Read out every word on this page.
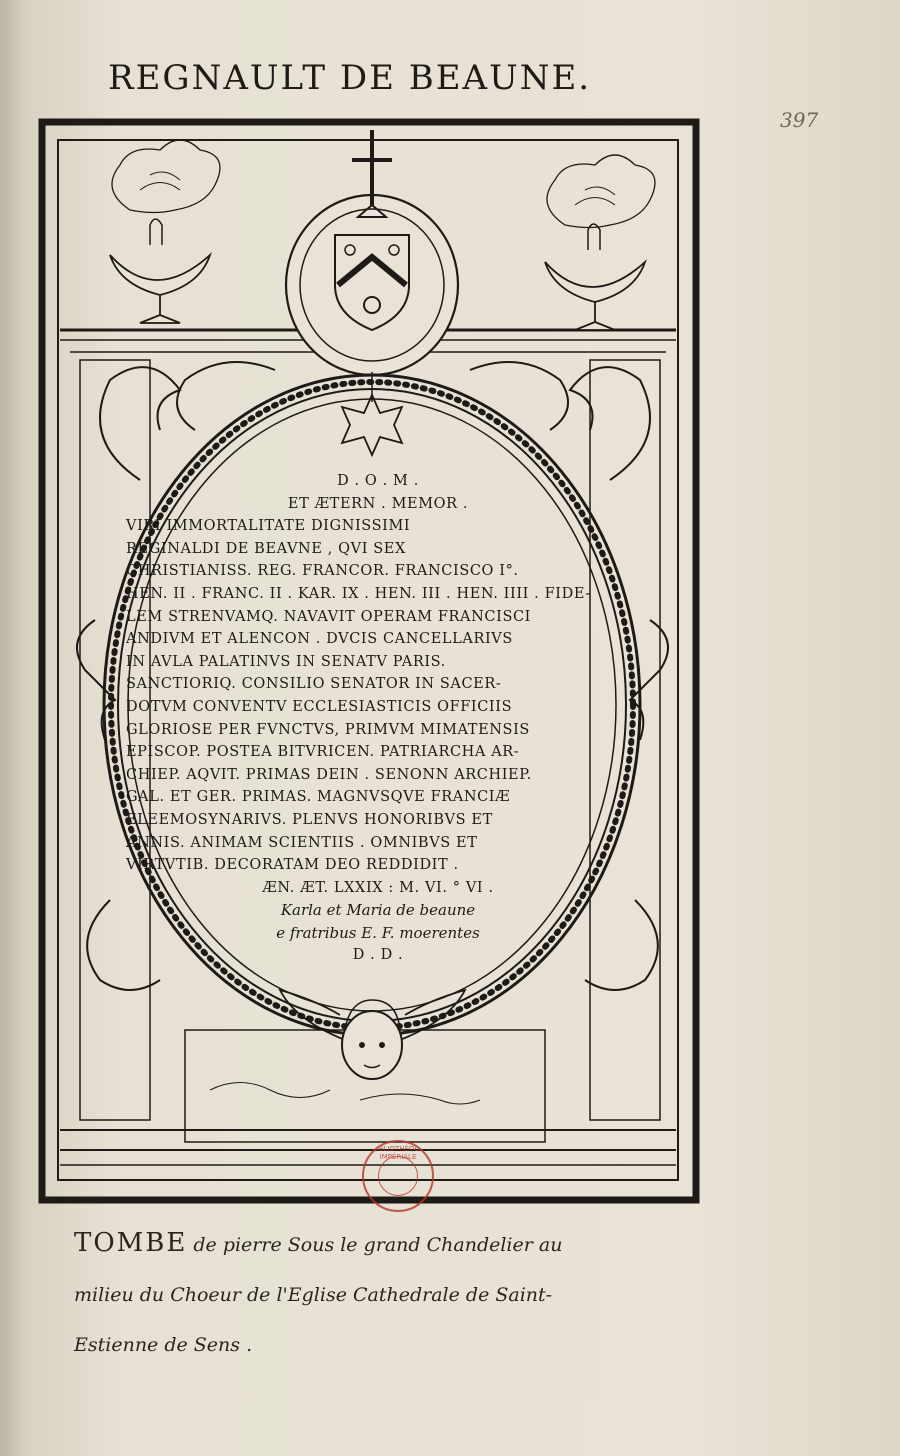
REGNAULT DE BEAUNE.
397
D . O . M .
ET ÆTERN . MEMOR .
VIRI IMMORTALITATE DIGNISSIMI
REGINALDI DE BEAVNE , QVI SEX
CHRISTIANISS. REG. FRANCOR. FRANCISCO I°.
HEN. II . FRANC. II . KAR. IX . HEN. III . HEN. IIII . FIDE-
LEM STRENVAMQ. NAVAVIT OPERAM FRANCISCI
ANDIVM ET ALENCON . DVCIS CANCELLARIVS
IN AVLA PALATINVS IN SENATV PARIS.
SANCTIORIQ. CONSILIO SENATOR IN SACER-
DOTVM CONVENTV ECCLESIASTICIS OFFICIIS
GLORIOSE PER FVNCTVS, PRIMVM MIMATENSIS
EPISCOP. POSTEA BITVRICEN. PATRIARCHA AR-
CHIEP. AQVIT. PRIMAS DEIN . SENONN ARCHIEP.
GAL. ET GER. PRIMAS. MAGNVSQVE FRANCIÆ
ELEEMOSYNARIVS. PLENVS HONORIBVS ET
ANNIS. ANIMAM SCIENTIIS . OMNIBVS ET
VIRTVTIB. DECORATAM DEO REDDIDIT .
ÆN. ÆT. LXXIX : M. VI. ° VI .
Karla et Maria de beaune
e fratribus E. F. moerentes
D . D .
BIBLIOTHÈQUE IMPÉRIALE
TOMBE de pierre Sous le grand Chandelier au
milieu du Choeur de l'Eglise Cathedrale de Saint-
Estienne de Sens .
